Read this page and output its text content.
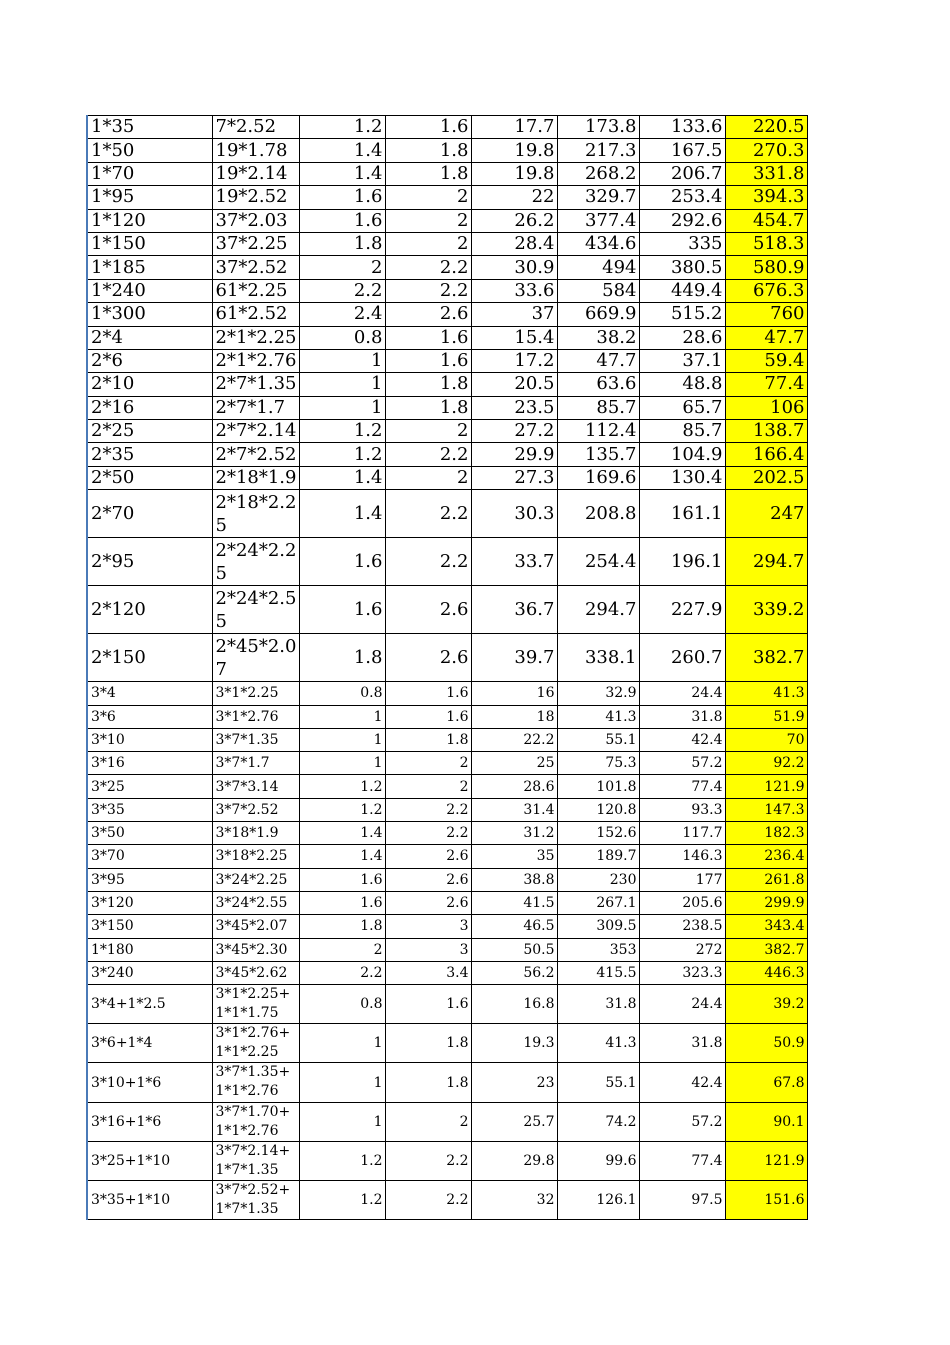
1*35	7*2.52	1.2	1.6	17.7	173.8	133.6	220.5
1*50	19*1.78	1.4	1.8	19.8	217.3	167.5	270.3
1*70	19*2.14	1.4	1.8	19.8	268.2	206.7	331.8
1*95	19*2.52	1.6	2	22	329.7	253.4	394.3
1*120	37*2.03	1.6	2	26.2	377.4	292.6	454.7
1*150	37*2.25	1.8	2	28.4	434.6	335	518.3
1*185	37*2.52	2	2.2	30.9	494	380.5	580.9
1*240	61*2.25	2.2	2.2	33.6	584	449.4	676.3
1*300	61*2.52	2.4	2.6	37	669.9	515.2	760
2*4	2*1*2.25	0.8	1.6	15.4	38.2	28.6	47.7
2*6	2*1*2.76	1	1.6	17.2	47.7	37.1	59.4
2*10	2*7*1.35	1	1.8	20.5	63.6	48.8	77.4
2*16	2*7*1.7	1	1.8	23.5	85.7	65.7	106
2*25	2*7*2.14	1.2	2	27.2	112.4	85.7	138.7
2*35	2*7*2.52	1.2	2.2	29.9	135.7	104.9	166.4
2*50	2*18*1.9	1.4	2	27.3	169.6	130.4	202.5
2*70	2*18*2.25	1.4	2.2	30.3	208.8	161.1	247
2*95	2*24*2.25	1.6	2.2	33.7	254.4	196.1	294.7
2*120	2*24*2.55	1.6	2.6	36.7	294.7	227.9	339.2
2*150	2*45*2.07	1.8	2.6	39.7	338.1	260.7	382.7
3*4	3*1*2.25	0.8	1.6	16	32.9	24.4	41.3
3*6	3*1*2.76	1	1.6	18	41.3	31.8	51.9
3*10	3*7*1.35	1	1.8	22.2	55.1	42.4	70
3*16	3*7*1.7	1	2	25	75.3	57.2	92.2
3*25	3*7*3.14	1.2	2	28.6	101.8	77.4	121.9
3*35	3*7*2.52	1.2	2.2	31.4	120.8	93.3	147.3
3*50	3*18*1.9	1.4	2.2	31.2	152.6	117.7	182.3
3*70	3*18*2.25	1.4	2.6	35	189.7	146.3	236.4
3*95	3*24*2.25	1.6	2.6	38.8	230	177	261.8
3*120	3*24*2.55	1.6	2.6	41.5	267.1	205.6	299.9
3*150	3*45*2.07	1.8	3	46.5	309.5	238.5	343.4
1*180	3*45*2.30	2	3	50.5	353	272	382.7
3*240	3*45*2.62	2.2	3.4	56.2	415.5	323.3	446.3
3*4+1*2.5	3*1*2.25+1*1*1.75	0.8	1.6	16.8	31.8	24.4	39.2
3*6+1*4	3*1*2.76+1*1*2.25	1	1.8	19.3	41.3	31.8	50.9
3*10+1*6	3*7*1.35+1*1*2.76	1	1.8	23	55.1	42.4	67.8
3*16+1*6	3*7*1.70+1*1*2.76	1	2	25.7	74.2	57.2	90.1
3*25+1*10	3*7*2.14+1*7*1.35	1.2	2.2	29.8	99.6	77.4	121.9
3*35+1*10	3*7*2.52+1*7*1.35	1.2	2.2	32	126.1	97.5	151.6
